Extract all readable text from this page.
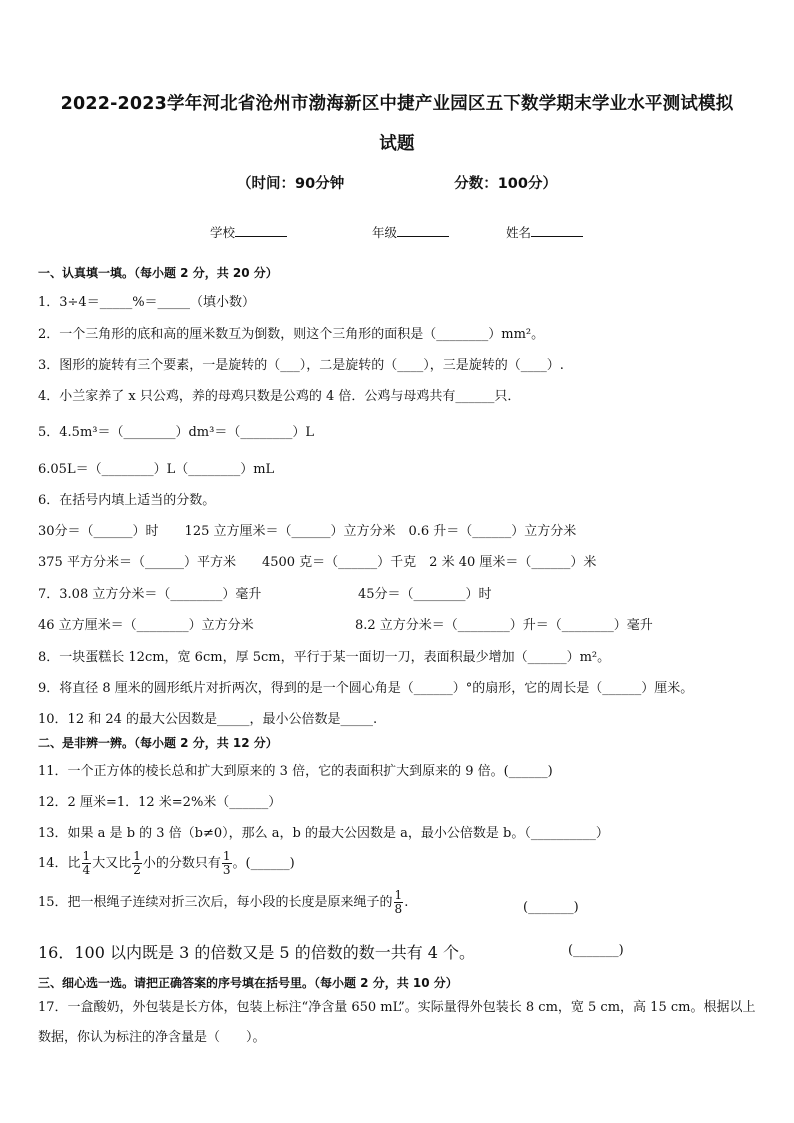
2022-2023学年河北省沧州市渤海新区中捷产业园区五下数学期末学业水平测试模拟
试题
（时间：90分钟	分数：100分）
学校	年级	姓名
一、认真填一填。（每小题 2 分，共 20 分）
1．3÷4＝_____%＝_____（填小数）
2．一个三角形的底和高的厘米数互为倒数，则这个三角形的面积是（________）mm²。
3．图形的旋转有三个要素，一是旋转的（___），二是旋转的（____），三是旋转的（____）.
4．小兰家养了 x 只公鸡，养的母鸡只数是公鸡的 4 倍．公鸡与母鸡共有______只．
5．4.5m³＝（________）dm³＝（________）L
6.05L＝（________）L（________）mL
6．在括号内填上适当的分数。
30分＝（______）时　　125 立方厘米＝（______）立方分米　0.6 升＝（______）立方分米
375 平方分米＝（______）平方米　　4500 克＝（______）千克　2 米 40 厘米＝（______）米
7．3.08 立方分米＝（________）毫升	45分＝（________）时
46 立方厘米＝（________）立方分米	8.2 立方分米＝（________）升＝（________）毫升
8．一块蛋糕长 12cm，宽 6cm，厚 5cm，平行于某一面切一刀，表面积最少增加（______）m²。
9．将直径 8 厘米的圆形纸片对折两次，得到的是一个圆心角是（______）°的扇形，它的周长是（______）厘米。
10．12 和 24 的最大公因数是_____，最小公倍数是_____.
二、是非辨一辨。（每小题 2 分，共 12 分）
11．一个正方体的棱长总和扩大到原来的 3 倍，它的表面积扩大到原来的 9 倍。(______)
12．2 厘米=1．12 米=2%米（______）
13．如果 a 是 b 的 3 倍（b≠0），那么 a，b 的最大公因数是 a，最小公倍数是 b。（__________）
14．比 $\frac{1}{4}$ 大又比 $\frac{1}{2}$ 小的分数只有 $\frac{1}{3}$ 。(______)
15．把一根绳子连续对折三次后，每小段的长度是原来绳子的 $\frac{1}{8}$ .	(_______)
16．100 以内既是 3 的倍数又是 5 的倍数的数一共有 4 个。	(_______)
三、细心选一选。请把正确答案的序号填在括号里。（每小题 2 分，共 10 分）
17．一盒酸奶，外包装是长方体，包装上标注“净含量 650 mL”。实际量得外包装长 8 cm，宽 5 cm，高 15 cm。根据以上数据，你认为标注的净含量是（　　）。
